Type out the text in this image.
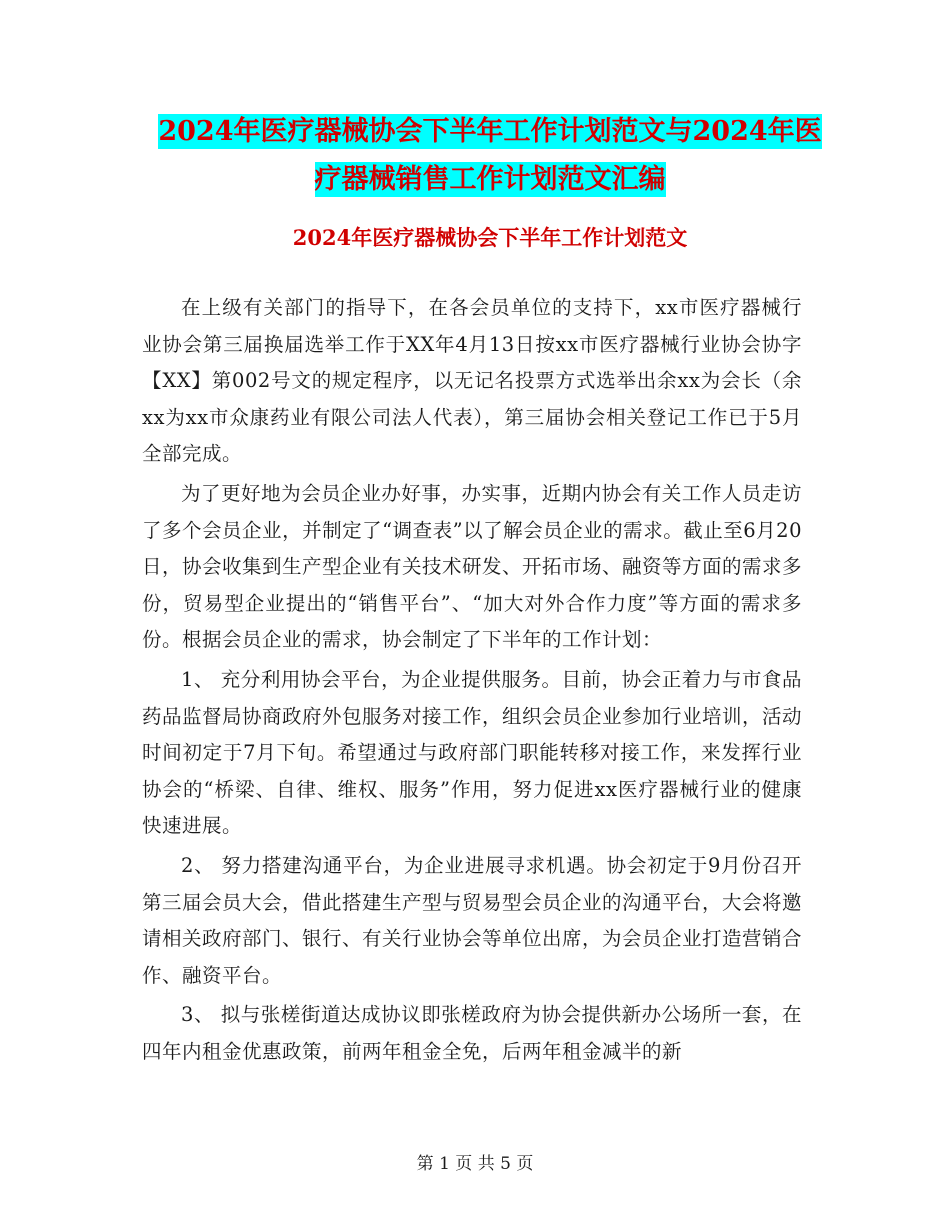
2024年医疗器械协会下半年工作计划范文与2024年医
疗器械销售工作计划范文汇编
2024年医疗器械协会下半年工作计划范文

在上级有关部门的指导下，在各会员单位的支持下，xx市医疗器械行业协会第三届换届选举工作于XX年4月13日按xx市医疗器械行业协会协字【XX】第002号文的规定程序，以无记名投票方式选举出余xx为会长（余xx为xx市众康药业有限公司法人代表），第三届协会相关登记工作已于5月全部完成。

为了更好地为会员企业办好事，办实事，近期内协会有关工作人员走访了多个会员企业，并制定了“调查表”以了解会员企业的需求。截止至6月20日，协会收集到生产型企业有关技术研发、开拓市场、融资等方面的需求多份，贸易型企业提出的“销售平台”、“加大对外合作力度”等方面的需求多份。根据会员企业的需求，协会制定了下半年的工作计划：

1、 充分利用协会平台，为企业提供服务。目前，协会正着力与市食品药品监督局协商政府外包服务对接工作，组织会员企业参加行业培训，活动时间初定于7月下旬。希望通过与政府部门职能转移对接工作，来发挥行业协会的“桥梁、自律、维权、服务”作用，努力促进xx医疗器械行业的健康快速进展。

2、 努力搭建沟通平台，为企业进展寻求机遇。协会初定于9月份召开第三届会员大会，借此搭建生产型与贸易型会员企业的沟通平台，大会将邀请相关政府部门、银行、有关行业协会等单位出席，为会员企业打造营销合作、融资平台。

3、 拟与张槎街道达成协议即张槎政府为协会提供新办公场所一套，在四年内租金优惠政策，前两年租金全免，后两年租金减半的新

第 1 页 共 5 页
